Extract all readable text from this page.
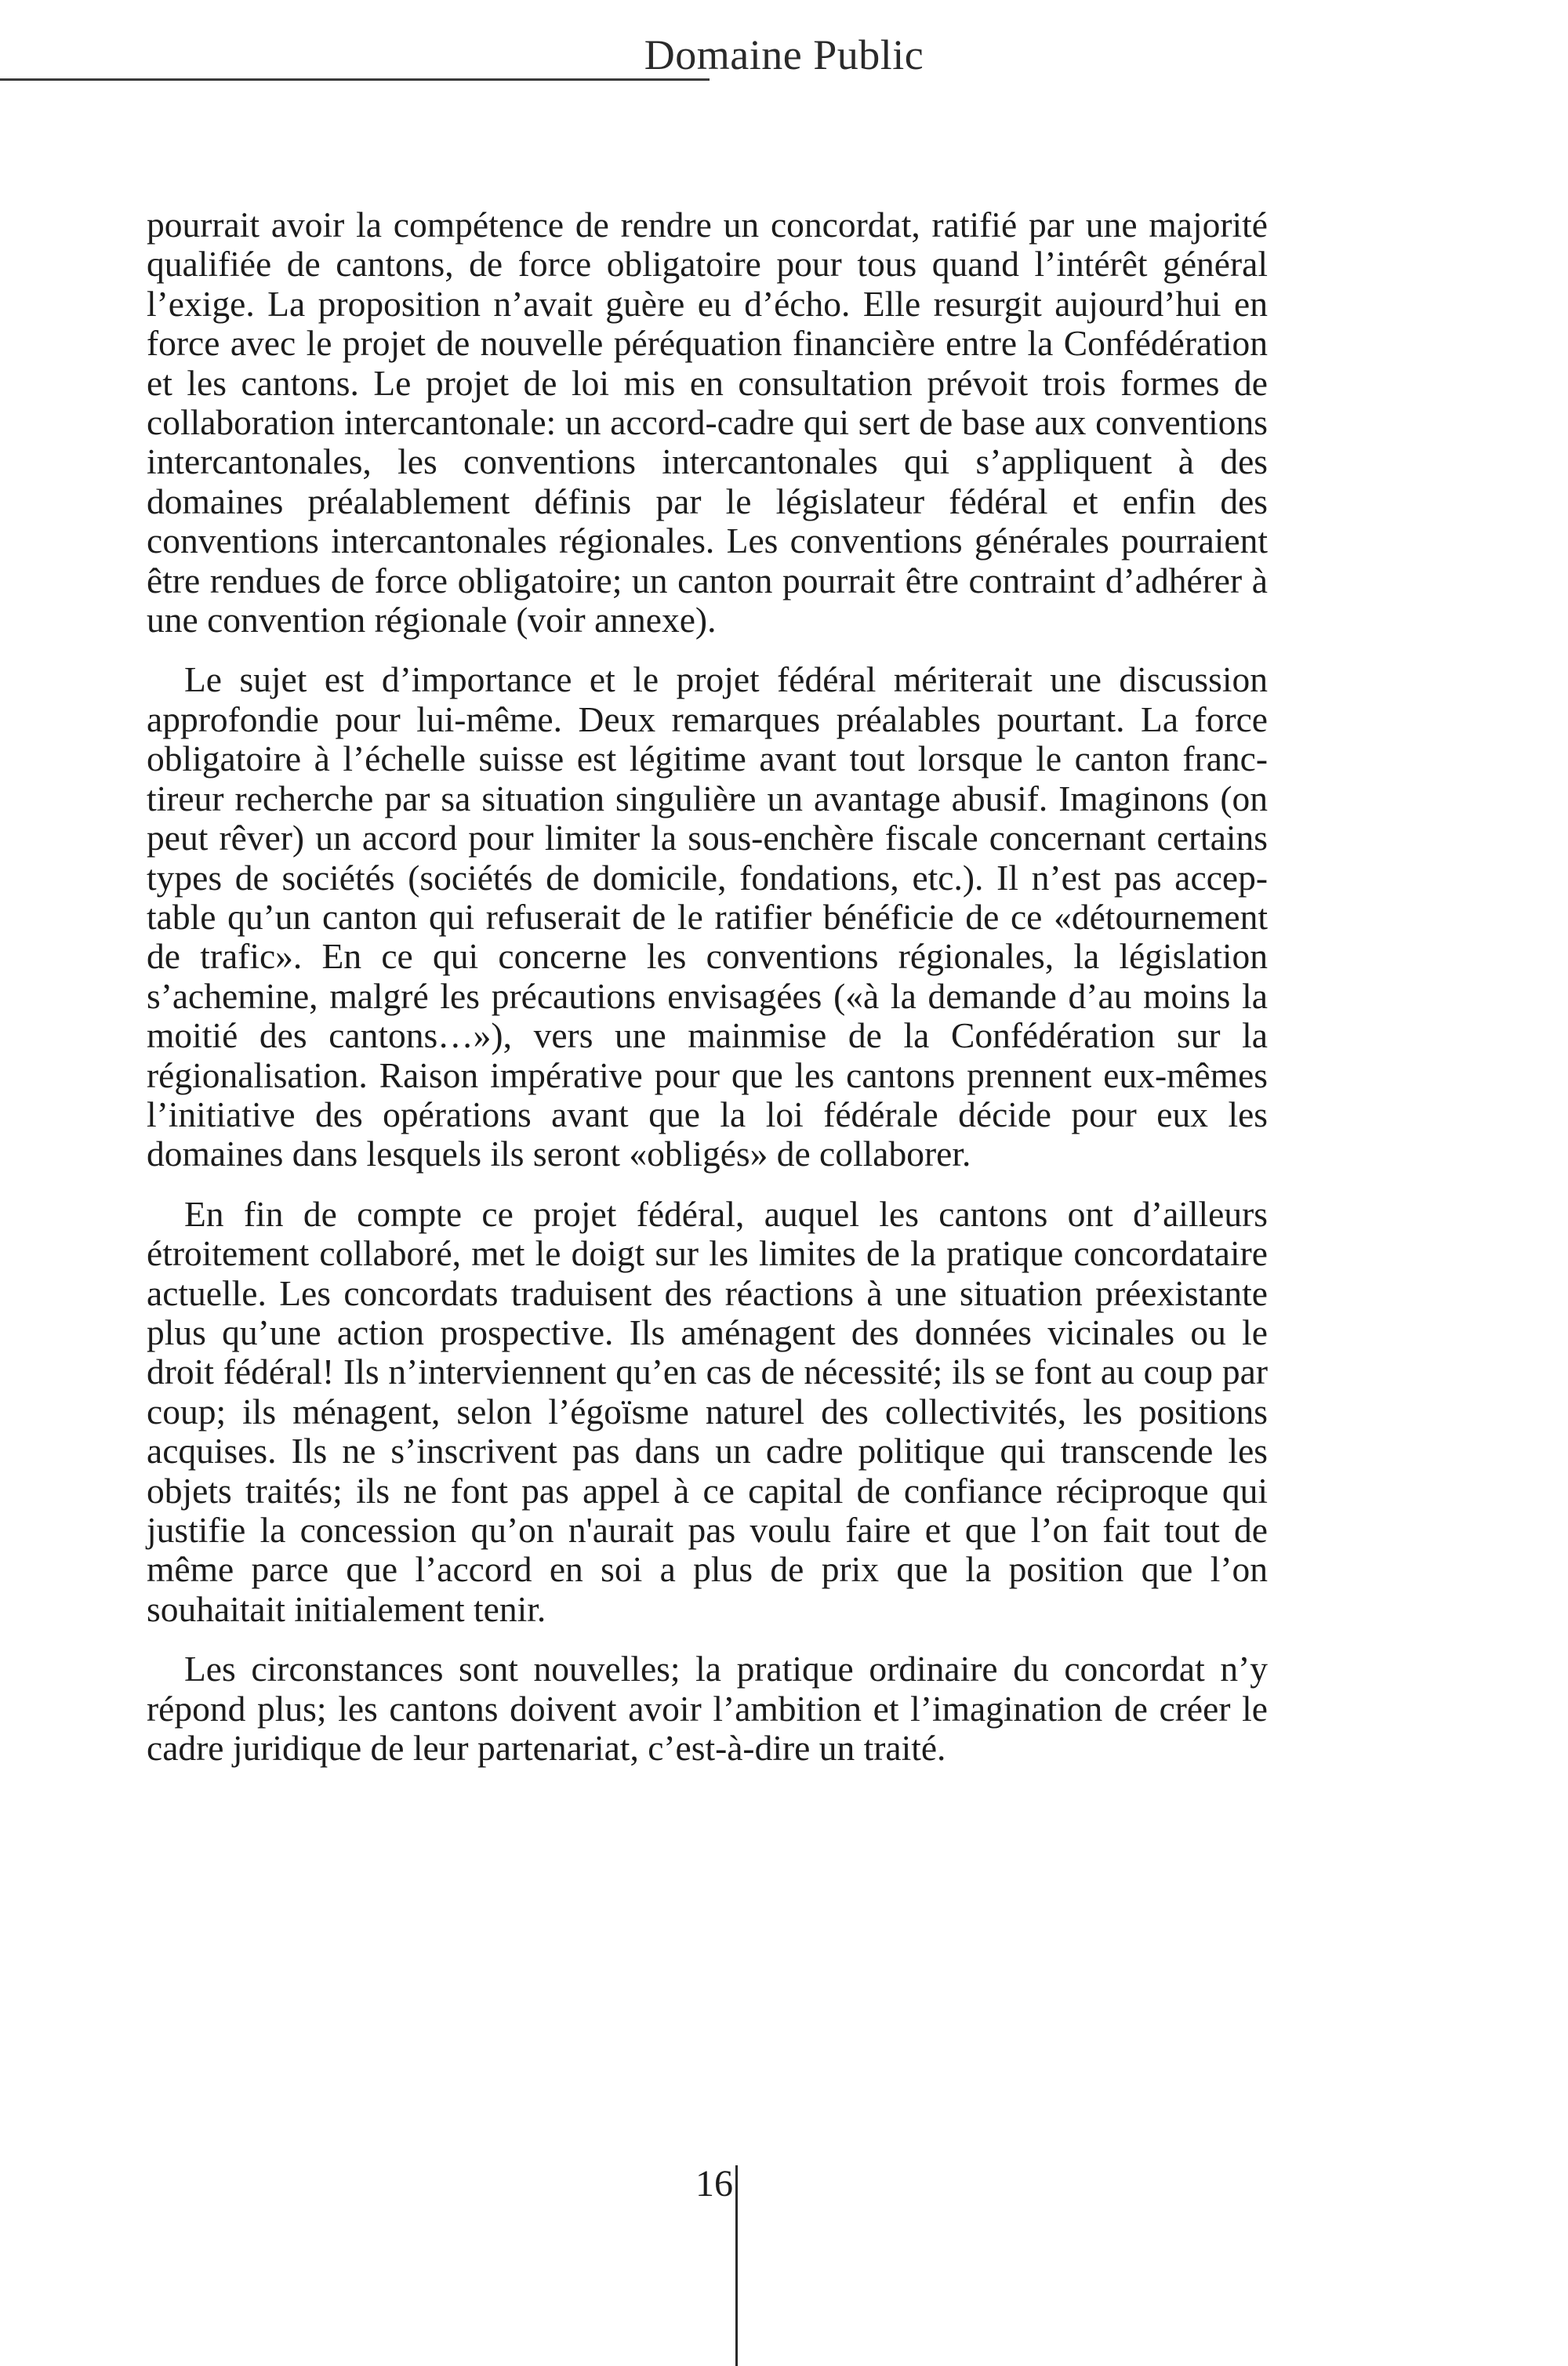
Domaine Public

pourrait avoir la compétence de rendre un concordat, ratifié par une majorité qualifiée de cantons, de force obligatoire pour tous quand l’intérêt général l’exige. La proposition n’avait guère eu d’écho. Elle resurgit aujourd’hui en force avec le projet de nouvelle péréquation financière entre la Confédération et les cantons. Le projet de loi mis en consultation prévoit trois formes de collaboration intercantonale: un accord-cadre qui sert de base aux conventions intercantonales, les conventions intercantonales qui s’appliquent à des domaines préalablement définis par le législateur fédéral et enfin des conventions intercantonales régionales. Les conventions générales pourraient être rendues de force obligatoire; un canton pourrait être contraint d’adhérer à une convention régionale (voir annexe).

Le sujet est d’importance et le projet fédéral mériterait une discussion approfondie pour lui-même. Deux remarques préalables pourtant. La force obligatoire à l’échelle suisse est légitime avant tout lorsque le canton franc-tireur recherche par sa situation singulière un avantage abusif. Imaginons (on peut rêver) un accord pour limiter la sous-enchère fiscale concernant certains types de sociétés (sociétés de domicile, fondations, etc.). Il n’est pas acceptable qu’un canton qui refuserait de le ratifier bénéficie de ce «détournement de trafic». En ce qui concerne les conventions régionales, la législation s’achemine, malgré les précautions envisagées («à la demande d’au moins la moitié des cantons…»), vers une mainmise de la Confédération sur la régionalisation. Raison impérative pour que les cantons prennent eux-mêmes l’initiative des opérations avant que la loi fédérale décide pour eux les domaines dans lesquels ils seront «obligés» de collaborer.

En fin de compte ce projet fédéral, auquel les cantons ont d’ailleurs étroitement collaboré, met le doigt sur les limites de la pratique concordataire actuelle. Les concordats traduisent des réactions à une situation préexistante plus qu’une action prospective. Ils aménagent des données vicinales ou le droit fédéral! Ils n’interviennent qu’en cas de nécessité; ils se font au coup par coup; ils ménagent, selon l’égoïsme naturel des collectivités, les positions acquises. Ils ne s’inscrivent pas dans un cadre politique qui transcende les objets traités; ils ne font pas appel à ce capital de confiance réciproque qui justifie la concession qu’on n'aurait pas voulu faire et que l’on fait tout de même parce que l’accord en soi a plus de prix que la position que l’on souhaitait initialement tenir.

Les circonstances sont nouvelles; la pratique ordinaire du concordat n’y répond plus; les cantons doivent avoir l’ambition et l’imagination de créer le cadre juridique de leur partenariat, c’est-à-dire un traité.

16
